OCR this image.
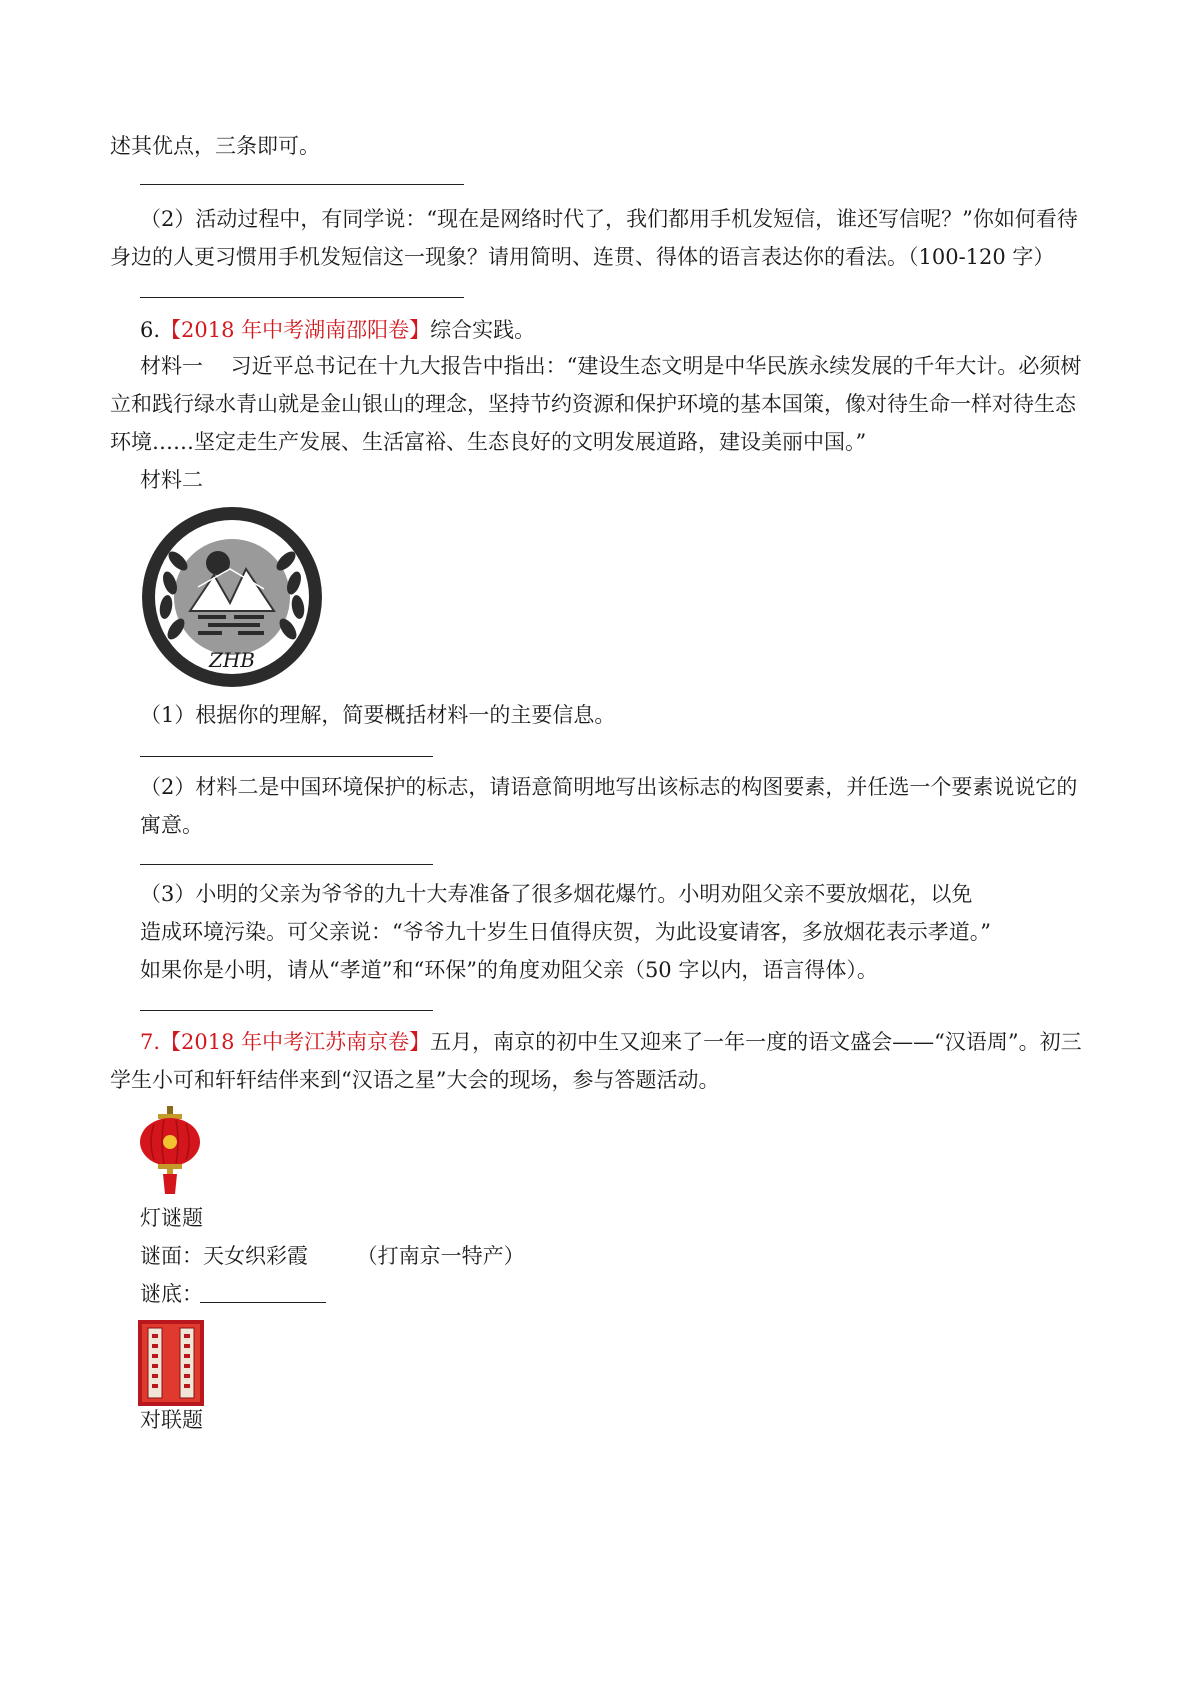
述其优点，三条即可。
（2）活动过程中，有同学说：“现在是网络时代了，我们都用手机发短信，谁还写信呢？”你如何看待
身边的人更习惯用手机发短信这一现象？请用简明、连贯、得体的语言表达你的看法。（100-120 字）
6.【2018 年中考湖南邵阳卷】综合实践。
材料一　 习近平总书记在十九大报告中指出：“建设生态文明是中华民族永续发展的千年大计。必须树
立和践行绿水青山就是金山银山的理念，坚持节约资源和保护环境的基本国策，像对待生命一样对待生态
环境……坚定走生产发展、生活富裕、生态良好的文明发展道路，建设美丽中国。”
材料二
ZHB
（1）根据你的理解，简要概括材料一的主要信息。
（2）材料二是中国环境保护的标志，请语意简明地写出该标志的构图要素，并任选一个要素说说它的
寓意。
（3）小明的父亲为爷爷的九十大寿准备了很多烟花爆竹。小明劝阻父亲不要放烟花，以免
造成环境污染。可父亲说：“爷爷九十岁生日值得庆贺，为此设宴请客，多放烟花表示孝道。”
如果你是小明，请从“孝道”和“环保”的角度劝阻父亲（50 字以内，语言得体）。
7.【2018 年中考江苏南京卷】五月，南京的初中生又迎来了一年一度的语文盛会——“汉语周”。初三
学生小可和轩轩结伴来到“汉语之星”大会的现场，参与答题活动。
灯谜题
谜面：天女织彩霞　　 （打南京一特产）
谜底：
对联题
